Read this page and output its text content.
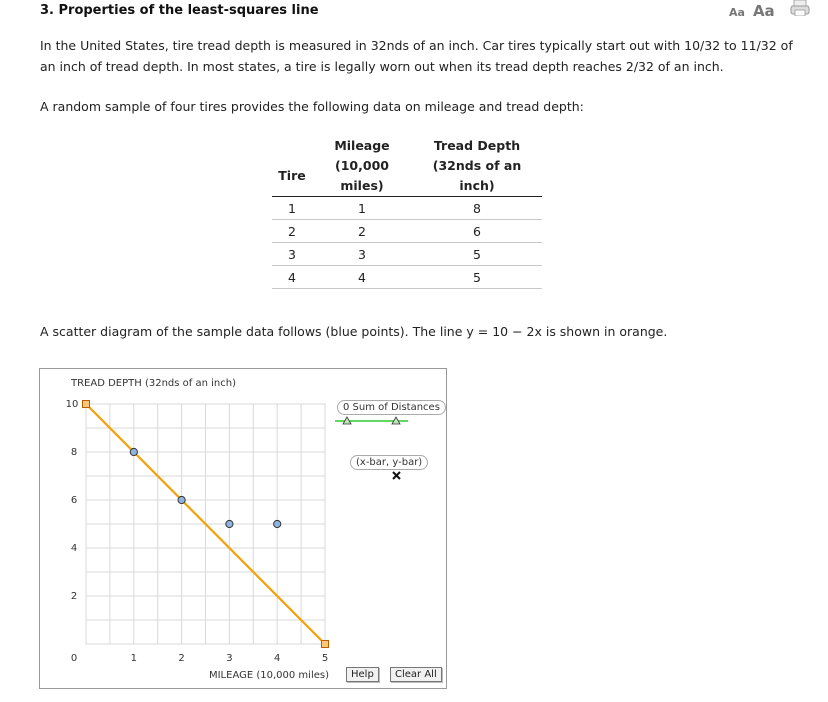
3. Properties of the least-squares line	Aa Aa

In the United States, tire tread depth is measured in 32nds of an inch. Car tires typically start out with 10/32 to 11/32 of an inch of tread depth. In most states, a tire is legally worn out when its tread depth reaches 2/32 of an inch.

A random sample of four tires provides the following data on mileage and tread depth:

	Mileage	Tread Depth
Tire	(10,000 miles)	(32nds of an inch)
1	1	8
2	2	6
3	3	5
4	4	5

A scatter diagram of the sample data follows (blue points). The line y = 10 − 2x is shown in orange.

TREAD DEPTH (32nds of an inch)
MILEAGE (10,000 miles)
0	1	2	3	4	5
2
4
6
8
10	0 Sum of Distances
(x-bar, y-bar)
Help	Clear All
